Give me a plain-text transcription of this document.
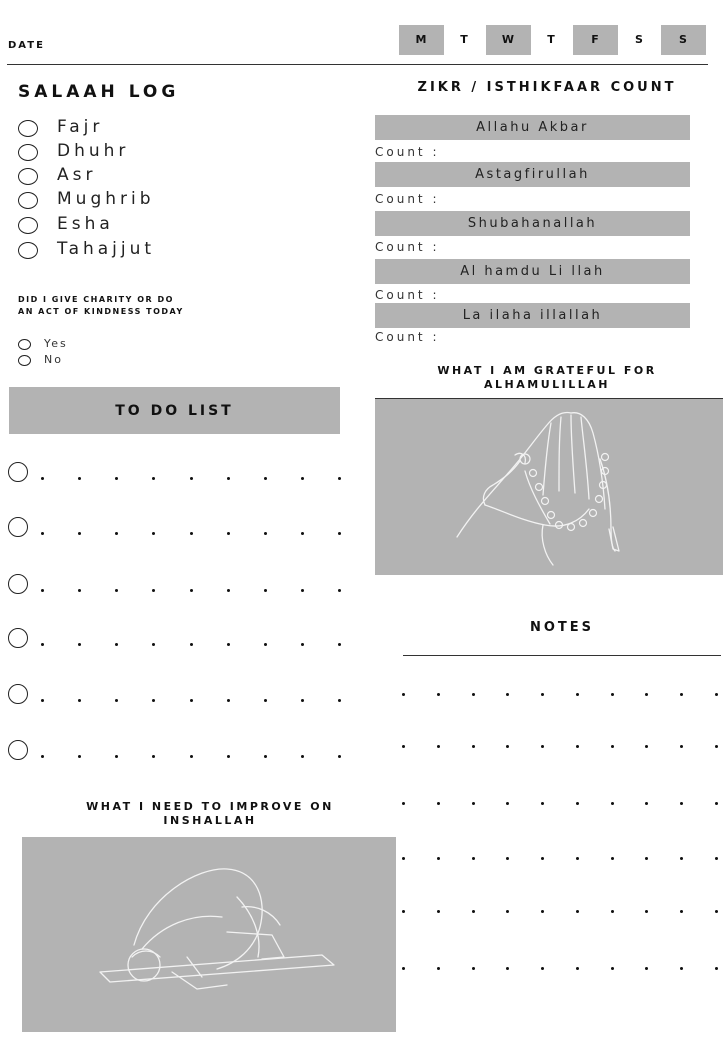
DATE	M	T	W	T	F	S	S
SALAAH LOG
Fajr
Dhuhr
Asr
Mughrib
Esha
Tahajjut
DID I GIVE CHARITY OR DO AN ACT OF KINDNESS TODAY
Yes
No
TO DO LIST
WHAT I NEED TO IMPROVE ON INSHALLAH
ZIKR / ISTHIKFAAR COUNT
Allahu Akbar
Count :
Astagfirullah
Count :
Shubahanallah
Count :
Al hamdu Li llah
Count :
La ilaha illallah
Count :
WHAT I AM GRATEFUL FOR ALHAMULILLAH
NOTES
